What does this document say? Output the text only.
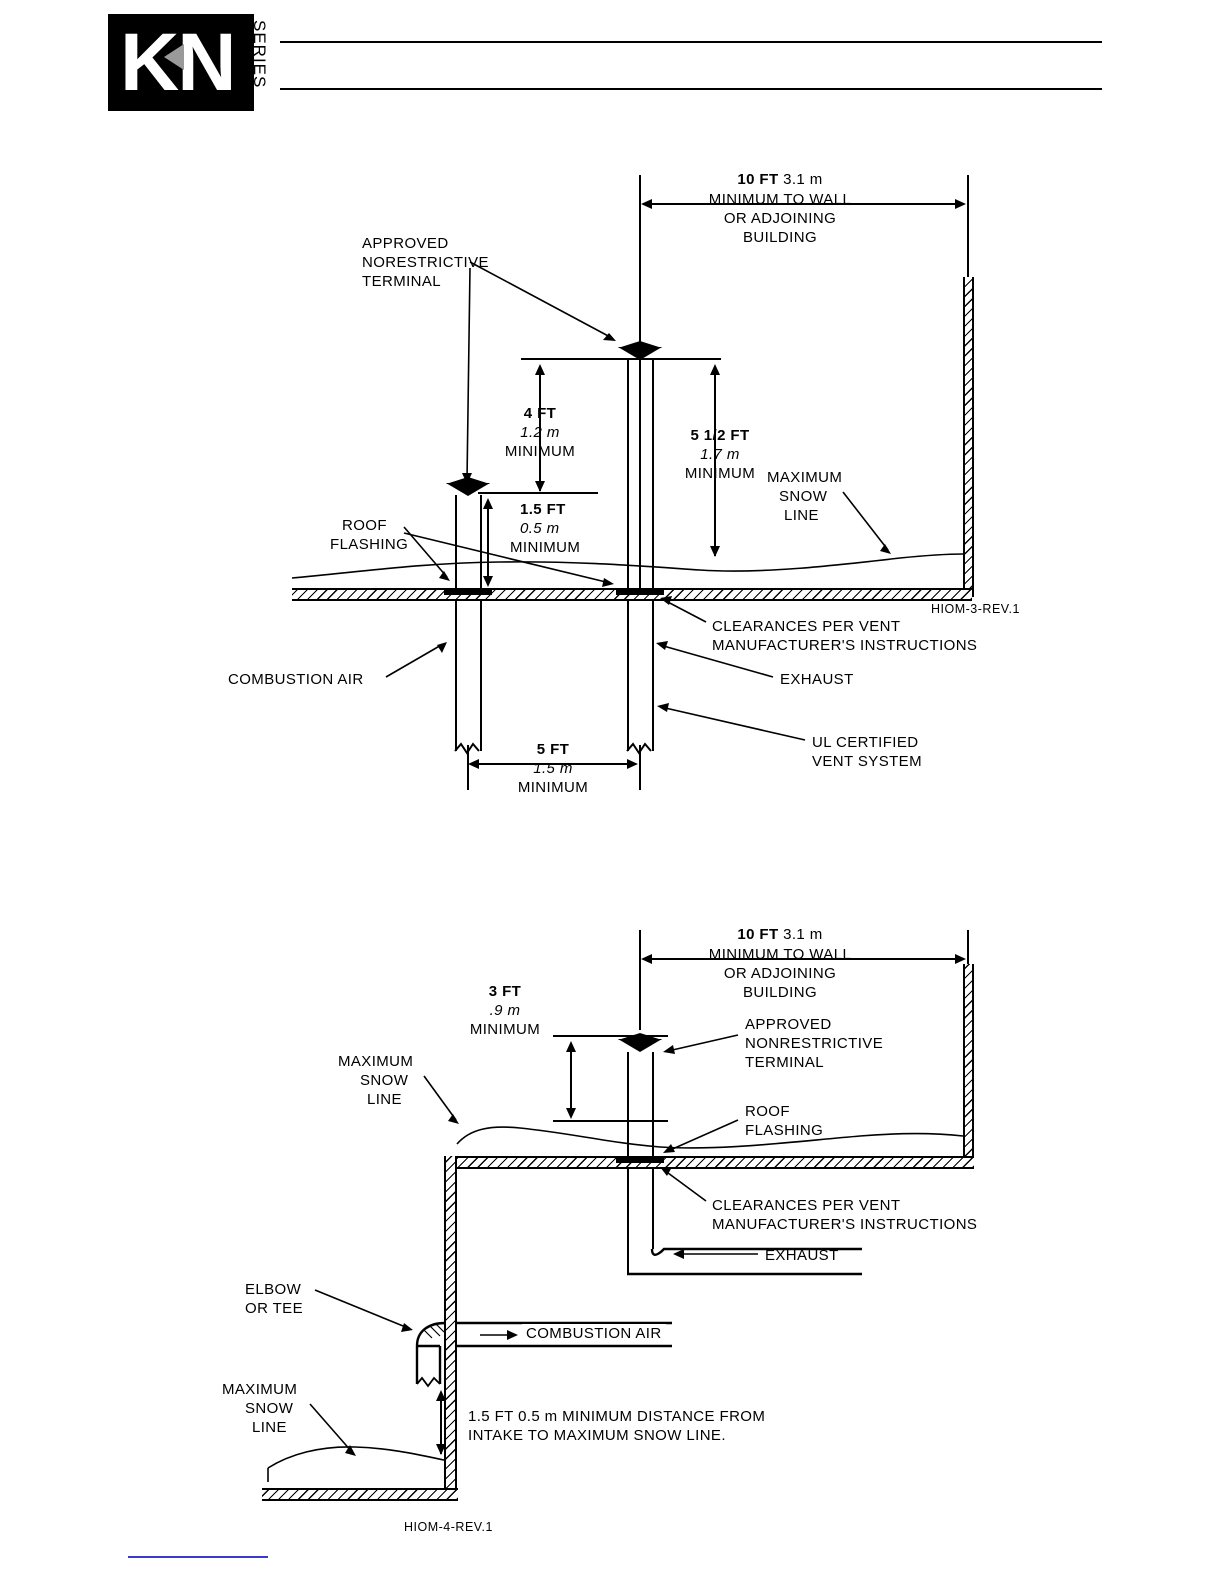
KN SERIES
10 FT 3.1 m
MINIMUM TO WALL
OR ADJOINING
BUILDING
4 FT
1.2 m
MINIMUM
5 1/2 FT
1.7 m
MINIMUM
1.5 FT
0.5 m
MINIMUM
5 FT
1.5 m
MINIMUM
APPROVED
NORESTRICTIVE
TERMINAL
ROOF
FLASHING
MAXIMUM
SNOW
LINE
CLEARANCES PER VENT
MANUFACTURER'S INSTRUCTIONS
COMBUSTION AIR	EXHAUST
UL CERTIFIED
VENT SYSTEM
HIOM-3-REV.1
10 FT 3.1 m
MINIMUM TO WALL
OR ADJOINING
BUILDING
EXHAUST
3 FT
.9 m
MINIMUM	APPROVED
NONRESTRICTIVE
TERMINAL
ROOF
FLASHING
CLEARANCES PER VENT
MANUFACTURER'S INSTRUCTIONS
MAXIMUM
SNOW
LINE
ELBOW
OR TEE
COMBUSTION AIR
1.5 FT 0.5 m MINIMUM DISTANCE FROM
INTAKE TO MAXIMUM SNOW LINE.
MAXIMUM
SNOW
LINE
HIOM-4-REV.1
